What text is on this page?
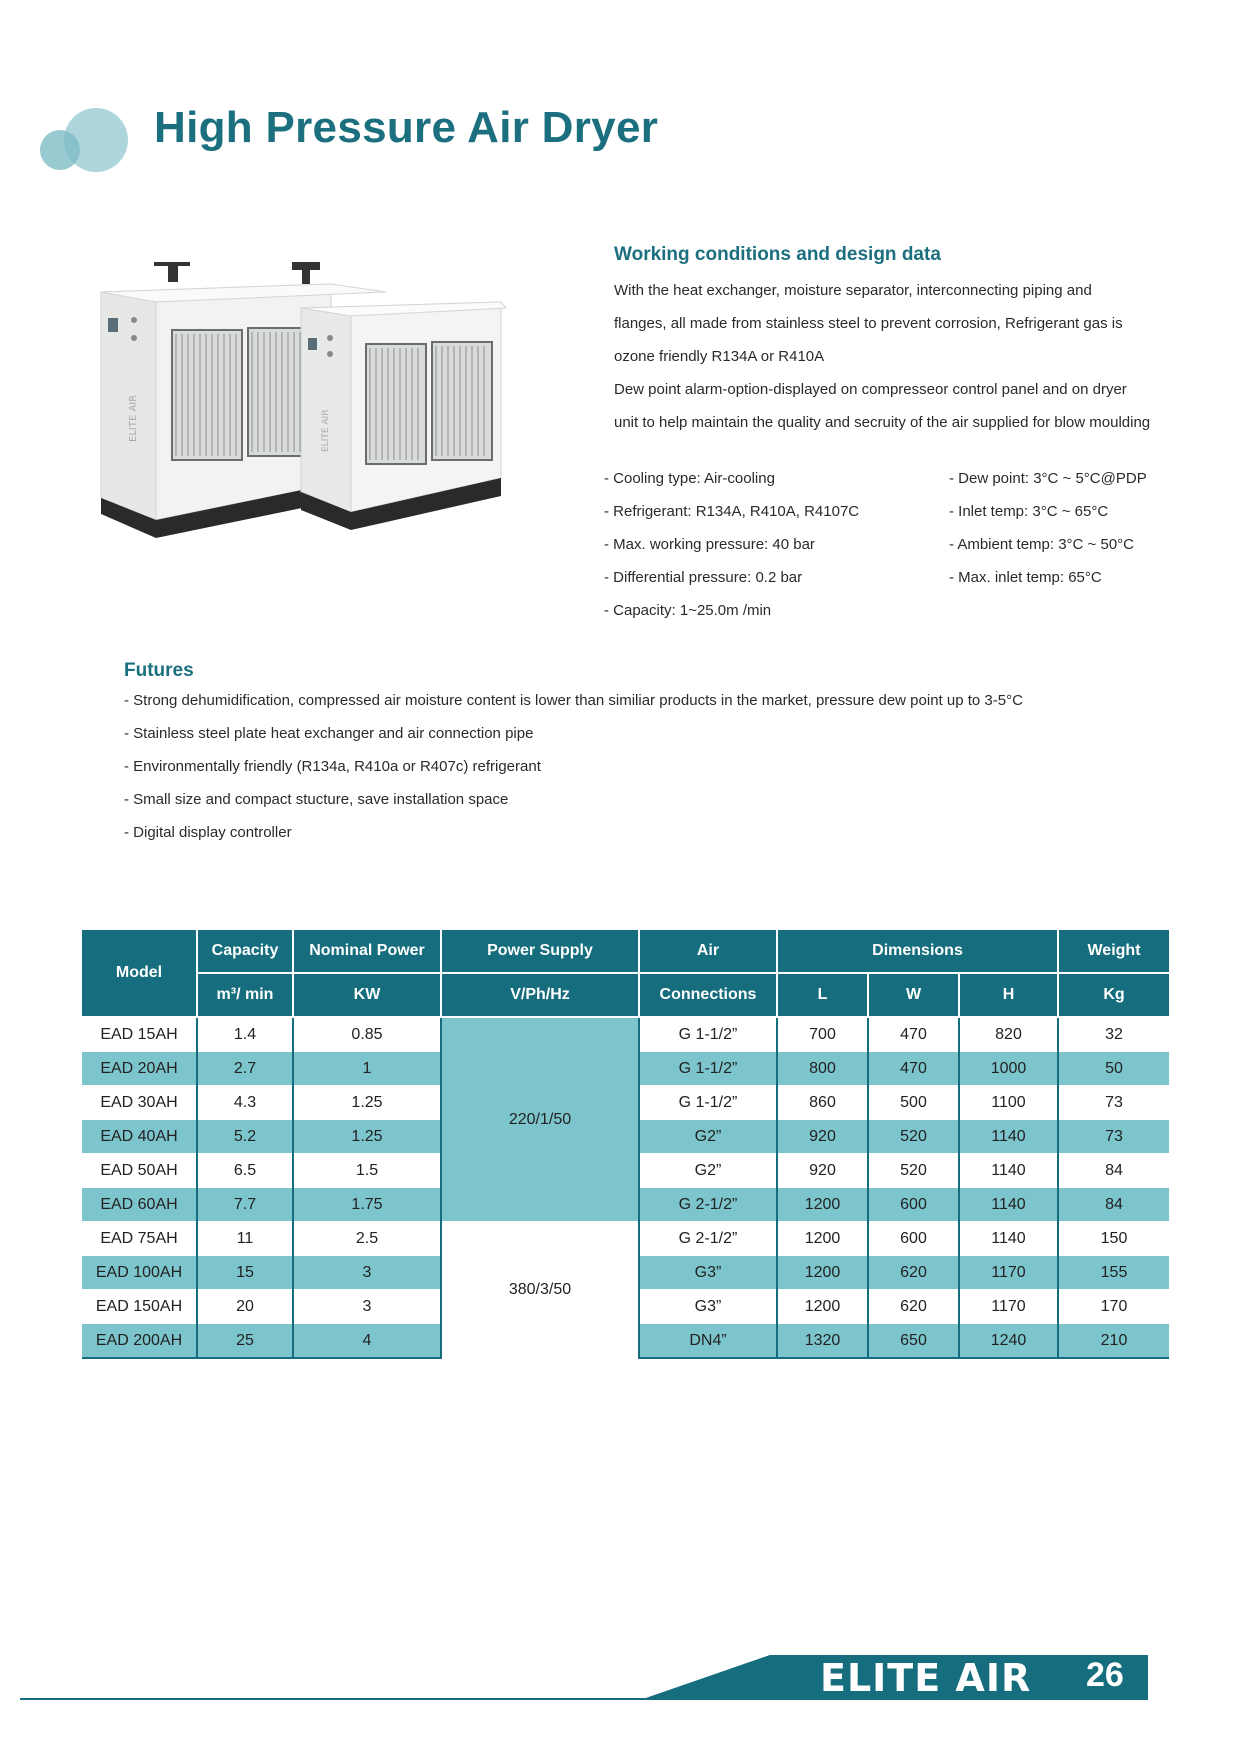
High Pressure Air Dryer
ELITE AIR	ELITE AIR
Working conditions and design data

With the heat exchanger, moisture separator, interconnecting piping and

flanges, all made from stainless steel to prevent corrosion, Refrigerant gas is

ozone friendly R134A or R410A

Dew point alarm-option-displayed on compresseor control panel and on dryer

unit to help maintain the quality and secruity of the air supplied for blow moulding

- Cooling type: Air-cooling
- Refrigerant: R134A, R410A, R4107C
- Max. working pressure: 40 bar
- Differential pressure: 0.2 bar
- Capacity: 1~25.0m /min
- Dew point: 3°C ~ 5°C@PDP
- Inlet temp: 3°C ~ 65°C
- Ambient temp: 3°C ~ 50°C
- Max. inlet temp: 65°C
Futures
- Strong dehumidification, compressed air moisture content is lower than similiar products in the market, pressure dew point up to 3-5°C
- Stainless steel plate heat exchanger and air connection pipe
- Environmentally friendly (R134a, R410a or R407c) refrigerant
- Small size and compact stucture, save installation space
- Digital display controller
Model	Capacity	Nominal Power	Power Supply	Air	Dimensions			Weight
	m³/ min	KW	V/Ph/Hz	Connections	L	W	H	Kg
EAD 15AH	1.4	0.85	220/1/50	G 1-1/2”	700	470	820	32
EAD 20AH	2.7	1		G 1-1/2”	800	470	1000	50
EAD 30AH	4.3	1.25		G 1-1/2”	860	500	1100	73
EAD 40AH	5.2	1.25		G2”	920	520	1140	73
EAD 50AH	6.5	1.5		G2”	920	520	1140	84
EAD 60AH	7.7	1.75		G 2-1/2”	1200	600	1140	84
EAD 75AH	11	2.5	380/3/50	G 2-1/2”	1200	600	1140	150
EAD 100AH	15	3		G3”	1200	620	1170	155
EAD 150AH	20	3		G3”	1200	620	1170	170
EAD 200AH	25	4		DN4”	1320	650	1240	210
ELITE AIR 26
